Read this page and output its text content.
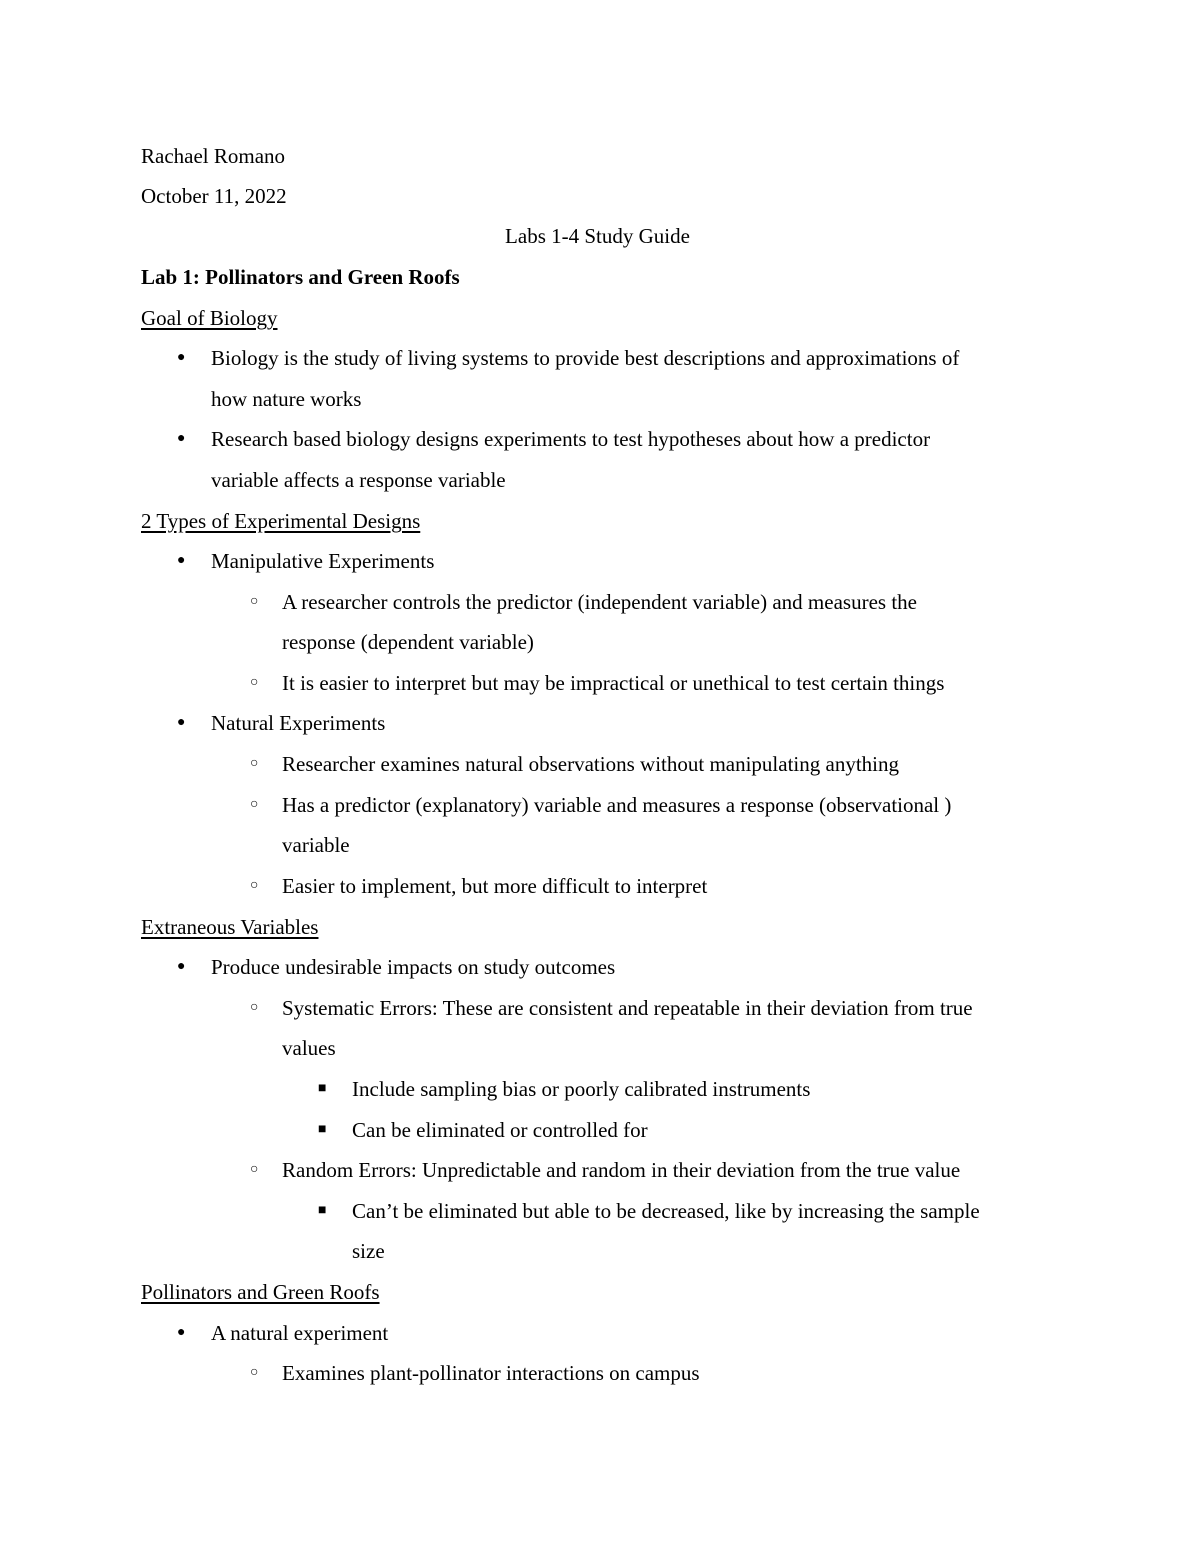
Rachael Romano
October 11, 2022
Labs 1-4 Study Guide
Lab 1: Pollinators and Green Roofs
Goal of Biology
● Biology is the study of living systems to provide best descriptions and approximations of
how nature works
● Research based biology designs experiments to test hypotheses about how a predictor
variable affects a response variable
2 Types of Experimental Designs
● Manipulative Experiments
○ A researcher controls the predictor (independent variable) and measures the
response (dependent variable)
○ It is easier to interpret but may be impractical or unethical to test certain things
● Natural Experiments
○ Researcher examines natural observations without manipulating anything
○ Has a predictor (explanatory) variable and measures a response (observational )
variable
○ Easier to implement, but more difficult to interpret
Extraneous Variables
● Produce undesirable impacts on study outcomes
○ Systematic Errors: These are consistent and repeatable in their deviation from true
values
■ Include sampling bias or poorly calibrated instruments
■ Can be eliminated or controlled for
○ Random Errors: Unpredictable and random in their deviation from the true value
■ Can’t be eliminated but able to be decreased, like by increasing the sample
size
Pollinators and Green Roofs
● A natural experiment
○ Examines plant-pollinator interactions on campus
